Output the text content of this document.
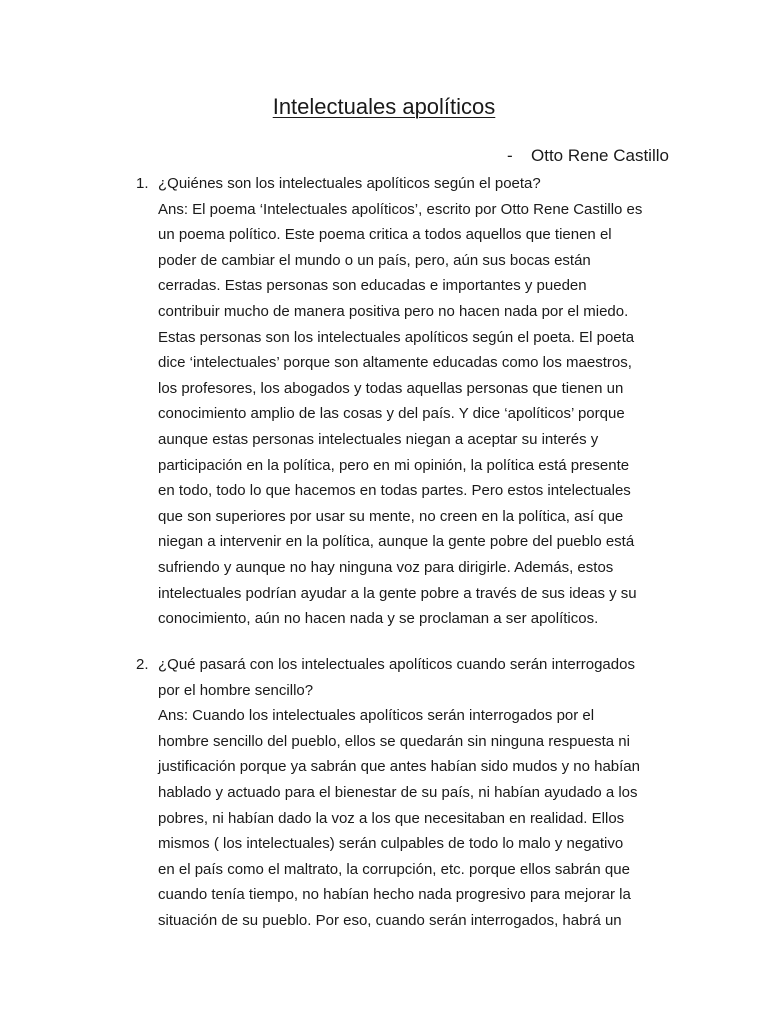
Intelectuales apolíticos
- Otto Rene Castillo
1. ¿Quiénes son los intelectuales apolíticos según el poeta?
Ans: El poema ‘Intelectuales apolíticos’, escrito por Otto Rene Castillo es
un poema político. Este poema critica a todos aquellos que tienen el
poder de cambiar el mundo o un país, pero, aún sus bocas están
cerradas. Estas personas son educadas e importantes y pueden
contribuir mucho de manera positiva pero no hacen nada por el miedo.
Estas personas son los intelectuales apolíticos según el poeta. El poeta
dice ‘intelectuales’ porque son altamente educadas como los maestros,
los profesores, los abogados y todas aquellas personas que tienen un
conocimiento amplio de las cosas y del país. Y dice ‘apolíticos’ porque
aunque estas personas intelectuales niegan a aceptar su interés y
participación en la política, pero en mi opinión, la política está presente
en todo, todo lo que hacemos en todas partes. Pero estos intelectuales
que son superiores por usar su mente, no creen en la política, así que
niegan a intervenir en la política, aunque la gente pobre del pueblo está
sufriendo y aunque no hay ninguna voz para dirigirle. Además, estos
intelectuales podrían ayudar a la gente pobre a través de sus ideas y su
conocimiento, aún no hacen nada y se proclaman a ser apolíticos.
2. ¿Qué pasará con los intelectuales apolíticos cuando serán interrogados
por el hombre sencillo?
Ans: Cuando los intelectuales apolíticos serán interrogados por el
hombre sencillo del pueblo, ellos se quedarán sin ninguna respuesta ni
justificación porque ya sabrán que antes habían sido mudos y no habían
hablado y actuado para el bienestar de su país, ni habían ayudado a los
pobres, ni habían dado la voz a los que necesitaban en realidad. Ellos
mismos ( los intelectuales) serán culpables de todo lo malo y negativo
en el país como el maltrato, la corrupción, etc. porque ellos sabrán que
cuando tenía tiempo, no habían hecho nada progresivo para mejorar la
situación de su pueblo. Por eso, cuando serán interrogados, habrá un
